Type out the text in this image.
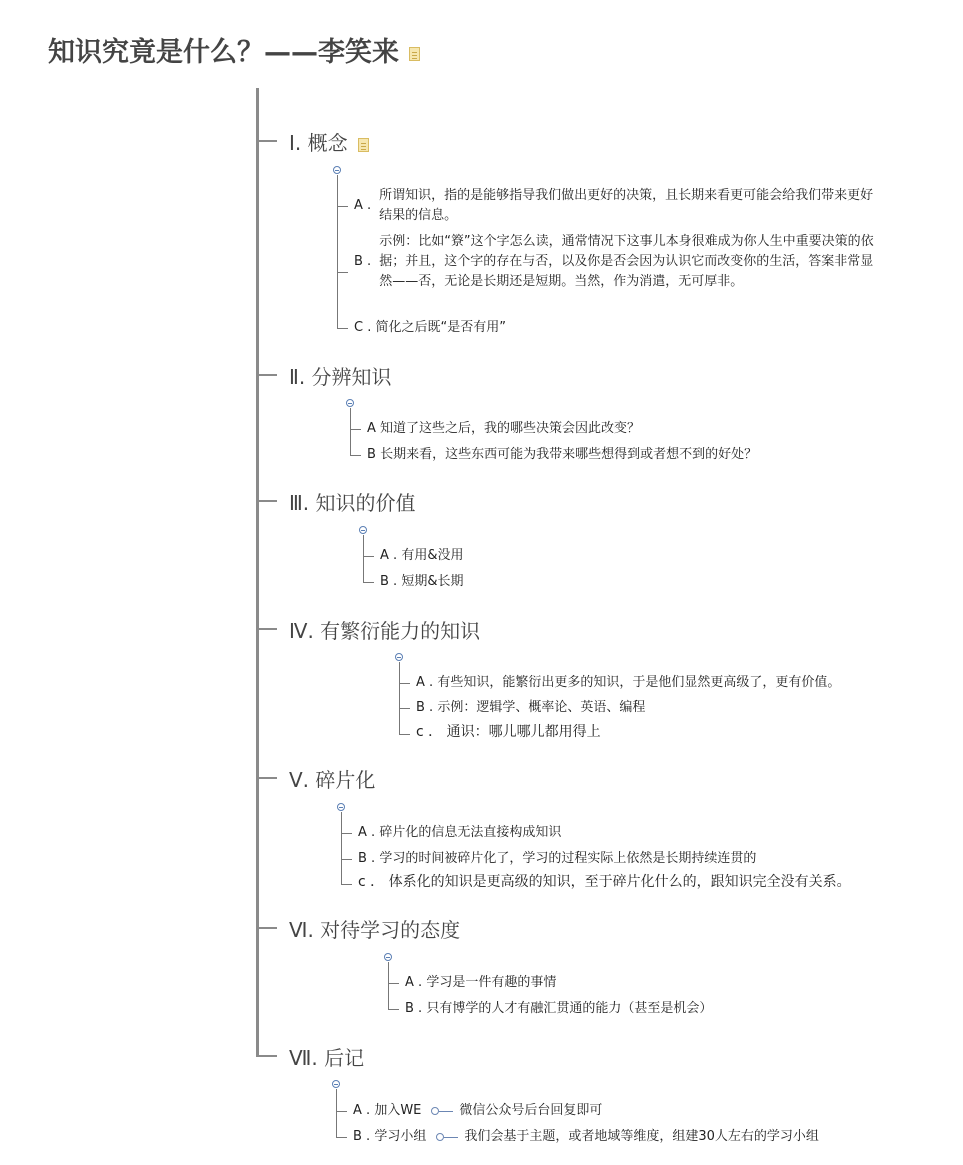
知识究竟是什么？——李笑来
Ⅰ. 概念
A .
所谓知识，指的是能够指导我们做出更好的决策，且长期来看更可能会给我们带来更好结果的信息。
B .
示例：比如“簝”这个字怎么读，通常情况下这事儿本身很难成为你人生中重要决策的依据；并且，这个字的存在与否，以及你是否会因为认识它而改变你的生活，答案非常显然——否，无论是长期还是短期。当然，作为消遣，无可厚非。
C . 简化之后既“是否有用”
Ⅱ. 分辨知识
A 知道了这些之后，我的哪些决策会因此改变？
B 长期来看，这些东西可能为我带来哪些想得到或者想不到的好处？
Ⅲ. 知识的价值
A . 有用&没用
B . 短期&长期
Ⅳ. 有繁衍能力的知识
A . 有些知识，能繁衍出更多的知识，于是他们显然更高级了，更有价值。
B . 示例：逻辑学、概率论、英语、编程
c ． 通识：哪儿哪儿都用得上
Ⅴ. 碎片化
A . 碎片化的信息无法直接构成知识
B . 学习的时间被碎片化了，学习的过程实际上依然是长期持续连贯的
c ． 体系化的知识是更高级的知识，至于碎片化什么的，跟知识完全没有关系。
Ⅵ. 对待学习的态度
A . 学习是一件有趣的事情
B . 只有博学的人才有融汇贯通的能力（甚至是机会）
Ⅶ. 后记
A . 加入WE	微信公众号后台回复即可
B . 学习小组	我们会基于主题，或者地域等维度，组建30人左右的学习小组
